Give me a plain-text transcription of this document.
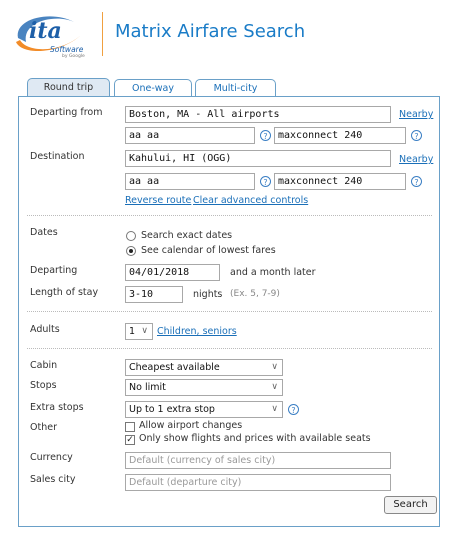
ita
Software
by Google
Matrix Airfare Search
Round trip	One-way	Multi-city
Departing from	Boston, MA - All airports	Nearby
aa aa	?	maxconnect 240	?
Destination	Kahului, HI (OGG)	Nearby
aa aa	?	maxconnect 240	?
Reverse route Clear advanced controls
Dates	Search exact dates
See calendar of lowest fares
Departing	04/01/2018	and a month later
Length of stay	3-10	nights (Ex. 5, 7-9)
Adults	1 ∨ Children, seniors
Cabin	Cheapest available	∨
Stops	No limit	∨
Extra stops	Up to 1 extra stop	∨	?
Other	Allow airport changes
✓ Only show flights and prices with available seats
Currency	Default (currency of sales city)
Sales city	Default (departure city)
Search
